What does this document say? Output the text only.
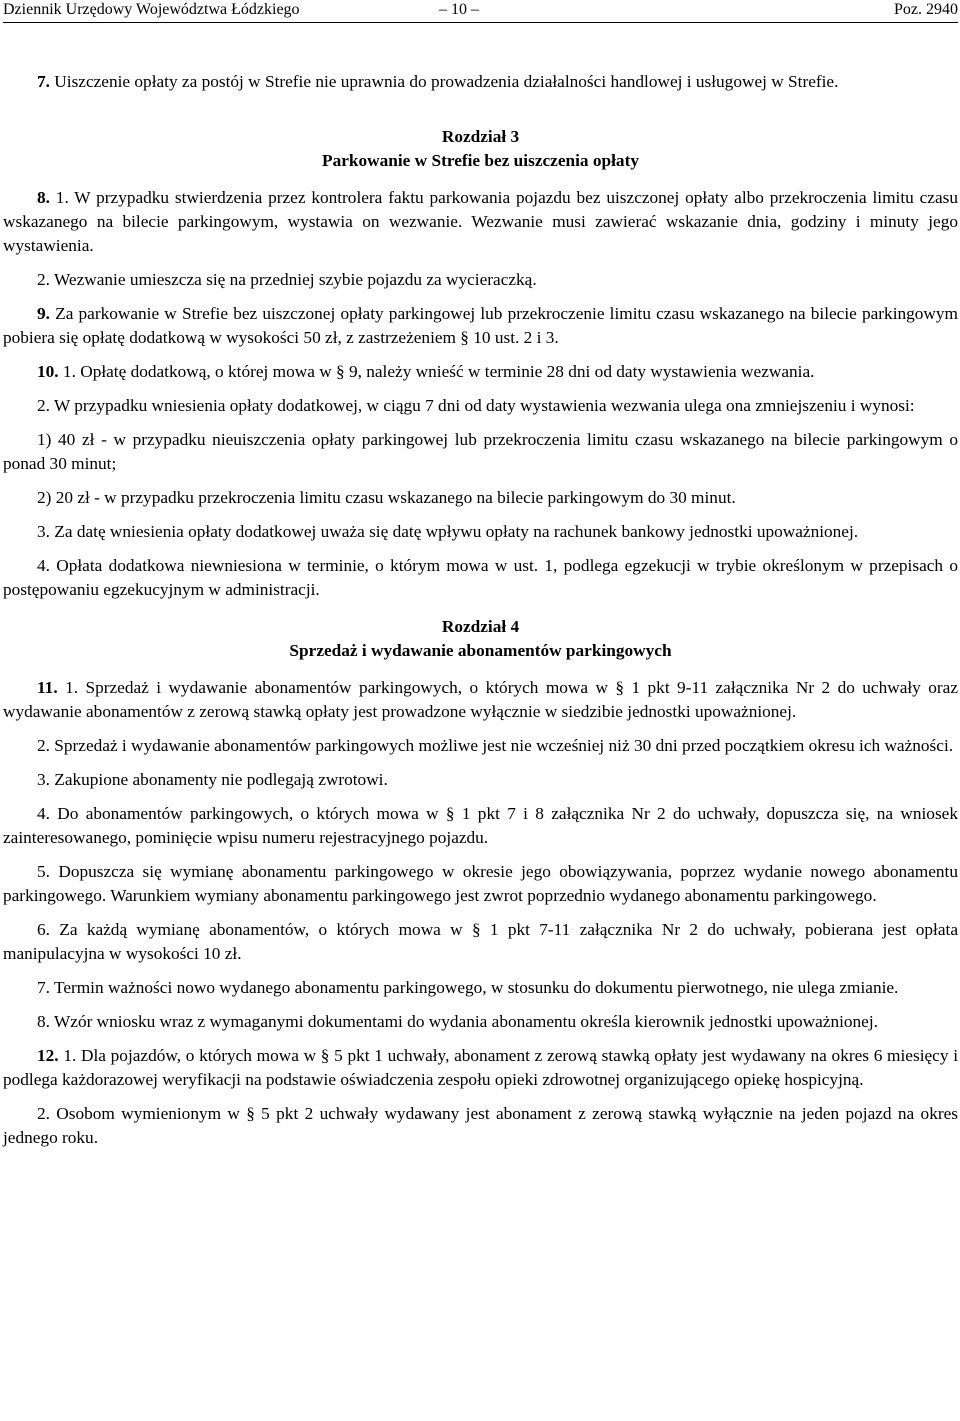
Dziennik Urzędowy Województwa Łódzkiego	– 10 –	Poz. 2940

7. Uiszczenie opłaty za postój w Strefie nie uprawnia do prowadzenia działalności handlowej i usługowej w Strefie.

Rozdział 3

Parkowanie w Strefie bez uiszczenia opłaty

8. 1. W przypadku stwierdzenia przez kontrolera faktu parkowania pojazdu bez uiszczonej opłaty albo przekroczenia limitu czasu wskazanego na bilecie parkingowym, wystawia on wezwanie. Wezwanie musi zawierać wskazanie dnia, godziny i minuty jego wystawienia.

2. Wezwanie umieszcza się na przedniej szybie pojazdu za wycieraczką.

9. Za parkowanie w Strefie bez uiszczonej opłaty parkingowej lub przekroczenie limitu czasu wskazanego na bilecie parkingowym pobiera się opłatę dodatkową w wysokości 50 zł, z zastrzeżeniem § 10 ust. 2 i 3.

10. 1. Opłatę dodatkową, o której mowa w § 9, należy wnieść w terminie 28 dni od daty wystawienia wezwania.

2. W przypadku wniesienia opłaty dodatkowej, w ciągu 7 dni od daty wystawienia wezwania ulega ona zmniejszeniu i wynosi:

1) 40 zł - w przypadku nieuiszczenia opłaty parkingowej lub przekroczenia limitu czasu wskazanego na bilecie parkingowym o ponad 30 minut;

2) 20 zł - w przypadku przekroczenia limitu czasu wskazanego na bilecie parkingowym do 30 minut.

3. Za datę wniesienia opłaty dodatkowej uważa się datę wpływu opłaty na rachunek bankowy jednostki upoważnionej.

4. Opłata dodatkowa niewniesiona w terminie, o którym mowa w ust. 1, podlega egzekucji w trybie określonym w przepisach o postępowaniu egzekucyjnym w administracji.

Rozdział 4

Sprzedaż i wydawanie abonamentów parkingowych

11. 1. Sprzedaż i wydawanie abonamentów parkingowych, o których mowa w § 1 pkt 9-11 załącznika Nr 2 do uchwały oraz wydawanie abonamentów z zerową stawką opłaty jest prowadzone wyłącznie w siedzibie jednostki upoważnionej.

2. Sprzedaż i wydawanie abonamentów parkingowych możliwe jest nie wcześniej niż 30 dni przed początkiem okresu ich ważności.

3. Zakupione abonamenty nie podlegają zwrotowi.

4. Do abonamentów parkingowych, o których mowa w § 1 pkt 7 i 8 załącznika Nr 2 do uchwały, dopuszcza się, na wniosek zainteresowanego, pominięcie wpisu numeru rejestracyjnego pojazdu.

5. Dopuszcza się wymianę abonamentu parkingowego w okresie jego obowiązywania, poprzez wydanie nowego abonamentu parkingowego. Warunkiem wymiany abonamentu parkingowego jest zwrot poprzednio wydanego abonamentu parkingowego.

6. Za każdą wymianę abonamentów, o których mowa w § 1 pkt 7-11 załącznika Nr 2 do uchwały, pobierana jest opłata manipulacyjna w wysokości 10 zł.

7. Termin ważności nowo wydanego abonamentu parkingowego, w stosunku do dokumentu pierwotnego, nie ulega zmianie.

8. Wzór wniosku wraz z wymaganymi dokumentami do wydania abonamentu określa kierownik jednostki upoważnionej.

12. 1. Dla pojazdów, o których mowa w § 5 pkt 1 uchwały, abonament z zerową stawką opłaty jest wydawany na okres 6 miesięcy i podlega każdorazowej weryfikacji na podstawie oświadczenia zespołu opieki zdrowotnej organizującego opiekę hospicyjną.

2. Osobom wymienionym w § 5 pkt 2 uchwały wydawany jest abonament z zerową stawką wyłącznie na jeden pojazd na okres jednego roku.
